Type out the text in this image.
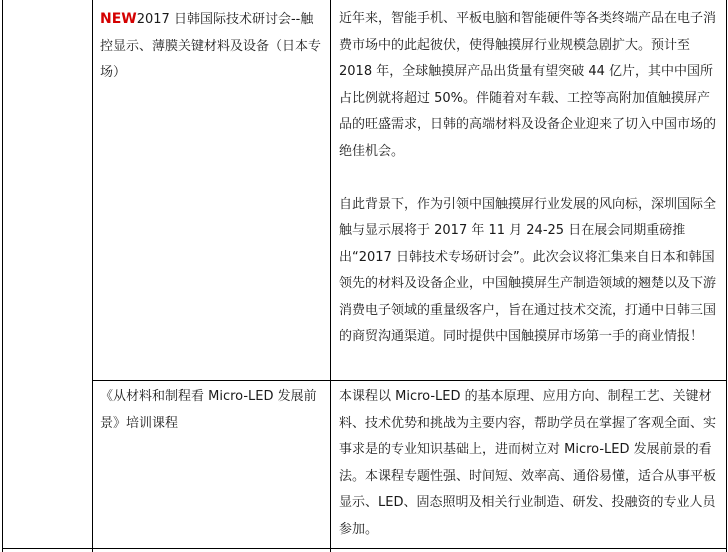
NEW2017 日韩国际技术研讨会--触控显示、薄膜关键材料及设备（日本专场）

近年来，智能手机、平板电脑和智能硬件等各类终端产品在电子消费市场中的此起彼伏，使得触摸屏行业规模急剧扩大。预计至 2018 年，全球触摸屏产品出货量有望突破 44 亿片，其中中国所占比例就将超过 50%。伴随着对车载、工控等高附加值触摸屏产品的旺盛需求，日韩的高端材料及设备企业迎来了切入中国市场的绝佳机会。

自此背景下，作为引领中国触摸屏行业发展的风向标，深圳国际全触与显示展将于 2017 年 11 月 24-25 日在展会同期重磅推出“2017 日韩技术专场研讨会”。此次会议将汇集来自日本和韩国领先的材料及设备企业，中国触摸屏生产制造领域的翘楚以及下游消费电子领域的重量级客户，旨在通过技术交流，打通中日韩三国的商贸沟通渠道。同时提供中国触摸屏市场第一手的商业情报！

《从材料和制程看 Micro-LED 发展前景》培训课程

本课程以 Micro-LED 的基本原理、应用方向、制程工艺、关键材料、技术优势和挑战为主要内容，帮助学员在掌握了客观全面、实事求是的专业知识基础上，进而树立对 Micro-LED 发展前景的看法。本课程专题性强、时间短、效率高、通俗易懂，适合从事平板显示、LED、固态照明及相关行业制造、研发、投融资的专业人员参加。
